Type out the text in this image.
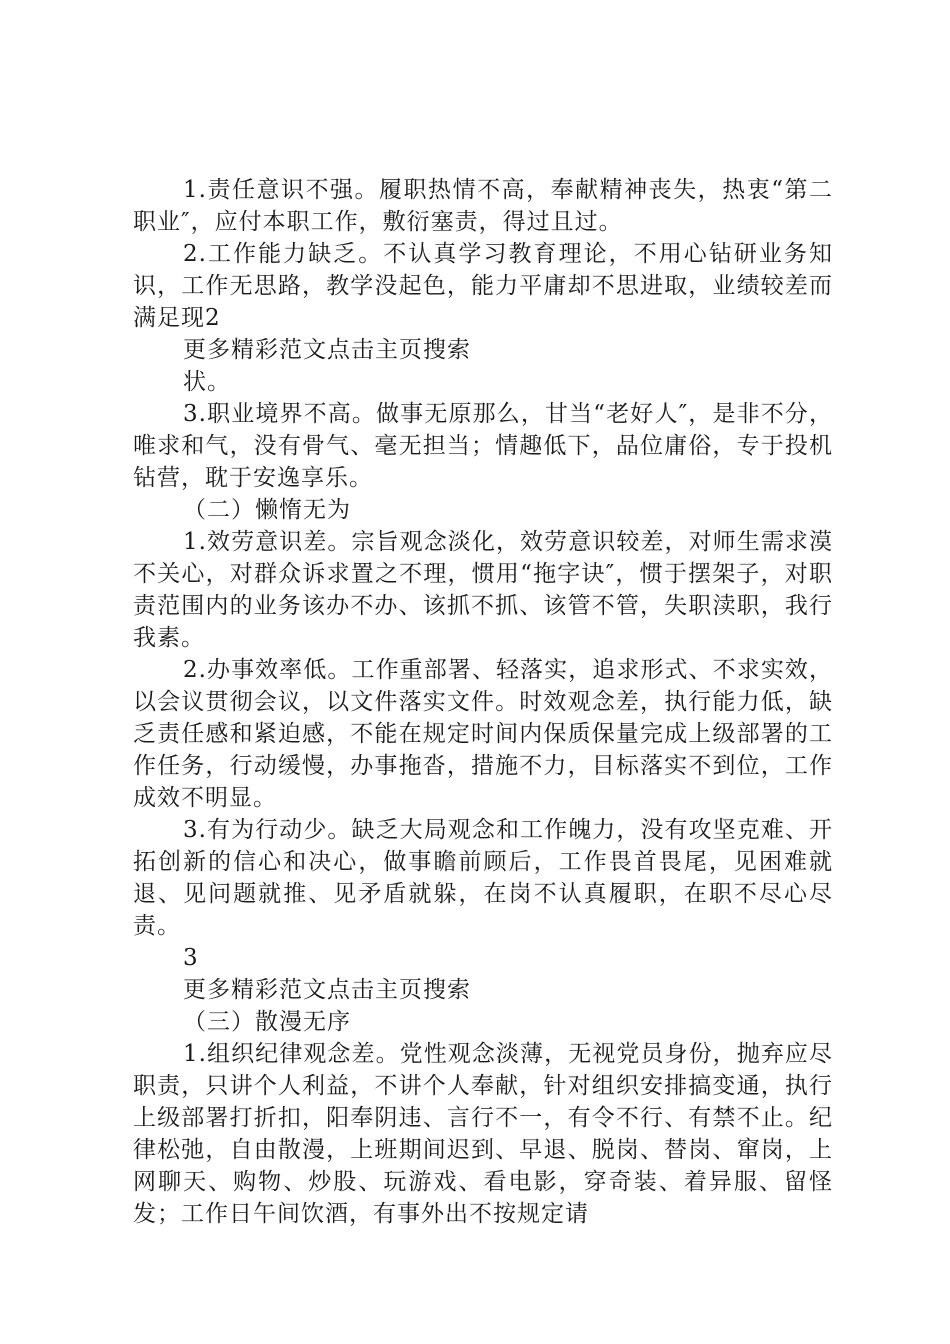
1.责任意识不强。履职热情不高，奉献精神丧失，热衷“第二职业″，应付本职工作，敷衍塞责，得过且过。

2.工作能力缺乏。不认真学习教育理论，不用心钻研业务知识，工作无思路，教学没起色，能力平庸却不思进取，业绩较差而满足现2

更多精彩范文点击主页搜索

状。

3.职业境界不高。做事无原那么，甘当“老好人″，是非不分，唯求和气，没有骨气、毫无担当；情趣低下，品位庸俗，专于投机钻营，耽于安逸享乐。

（二）懒惰无为

1.效劳意识差。宗旨观念淡化，效劳意识较差，对师生需求漠不关心，对群众诉求置之不理，惯用“拖字诀″，惯于摆架子，对职责范围内的业务该办不办、该抓不抓、该管不管，失职渎职，我行我素。

2.办事效率低。工作重部署、轻落实，追求形式、不求实效，以会议贯彻会议，以文件落实文件。时效观念差，执行能力低，缺乏责任感和紧迫感，不能在规定时间内保质保量完成上级部署的工作任务，行动缓慢，办事拖沓，措施不力，目标落实不到位，工作成效不明显。

3.有为行动少。缺乏大局观念和工作魄力，没有攻坚克难、开拓创新的信心和决心，做事瞻前顾后，工作畏首畏尾，见困难就退、见问题就推、见矛盾就躲，在岗不认真履职，在职不尽心尽责。

3

更多精彩范文点击主页搜索

（三）散漫无序

1.组织纪律观念差。党性观念淡薄，无视党员身份，抛弃应尽职责，只讲个人利益，不讲个人奉献，针对组织安排搞变通，执行上级部署打折扣，阳奉阴违、言行不一，有令不行、有禁不止。纪律松弛，自由散漫，上班期间迟到、早退、脱岗、替岗、窜岗，上网聊天、购物、炒股、玩游戏、看电影，穿奇装、着异服、留怪发；工作日午间饮酒，有事外出不按规定请
